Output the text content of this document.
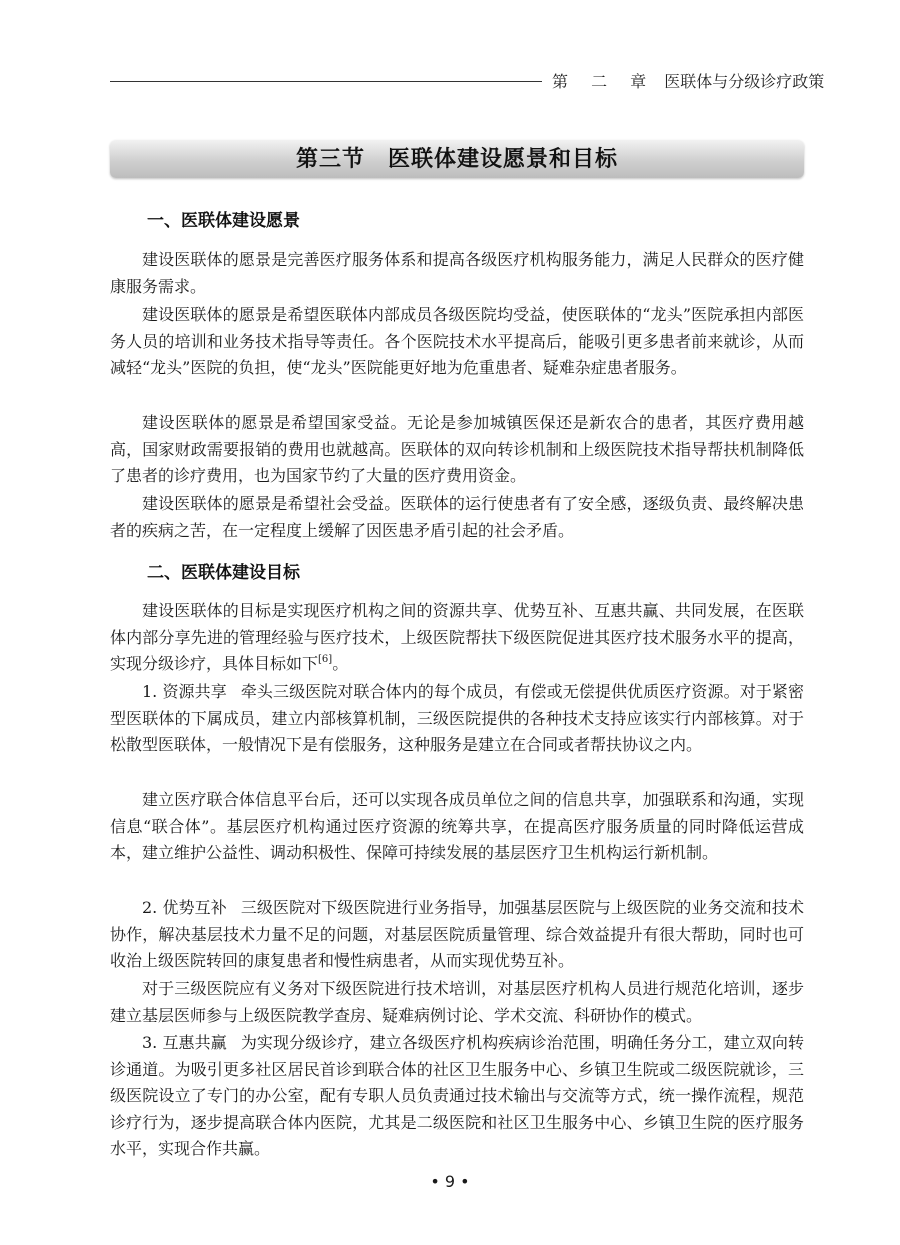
第 二 章 医联体与分级诊疗政策
第三节　医联体建设愿景和目标
一、医联体建设愿景
建设医联体的愿景是完善医疗服务体系和提高各级医疗机构服务能力，满足人民群众的医疗健康服务需求。
建设医联体的愿景是希望医联体内部成员各级医院均受益，使医联体的“龙头”医院承担内部医务人员的培训和业务技术指导等责任。各个医院技术水平提高后，能吸引更多患者前来就诊，从而减轻“龙头”医院的负担，使“龙头”医院能更好地为危重患者、疑难杂症患者服务。
建设医联体的愿景是希望国家受益。无论是参加城镇医保还是新农合的患者，其医疗费用越高，国家财政需要报销的费用也就越高。医联体的双向转诊机制和上级医院技术指导帮扶机制降低了患者的诊疗费用，也为国家节约了大量的医疗费用资金。
建设医联体的愿景是希望社会受益。医联体的运行使患者有了安全感，逐级负责、最终解决患者的疾病之苦，在一定程度上缓解了因医患矛盾引起的社会矛盾。
二、医联体建设目标
建设医联体的目标是实现医疗机构之间的资源共享、优势互补、互惠共赢、共同发展，在医联体内部分享先进的管理经验与医疗技术，上级医院帮扶下级医院促进其医疗技术服务水平的提高，实现分级诊疗，具体目标如下[6]。
1. 资源共享 牵头三级医院对联合体内的每个成员，有偿或无偿提供优质医疗资源。对于紧密型医联体的下属成员，建立内部核算机制，三级医院提供的各种技术支持应该实行内部核算。对于松散型医联体，一般情况下是有偿服务，这种服务是建立在合同或者帮扶协议之内。
建立医疗联合体信息平台后，还可以实现各成员单位之间的信息共享，加强联系和沟通，实现信息“联合体”。基层医疗机构通过医疗资源的统筹共享，在提高医疗服务质量的同时降低运营成本，建立维护公益性、调动积极性、保障可持续发展的基层医疗卫生机构运行新机制。
2. 优势互补 三级医院对下级医院进行业务指导，加强基层医院与上级医院的业务交流和技术协作，解决基层技术力量不足的问题，对基层医院质量管理、综合效益提升有很大帮助，同时也可收治上级医院转回的康复患者和慢性病患者，从而实现优势互补。
对于三级医院应有义务对下级医院进行技术培训，对基层医疗机构人员进行规范化培训，逐步建立基层医师参与上级医院教学查房、疑难病例讨论、学术交流、科研协作的模式。
3. 互惠共赢 为实现分级诊疗，建立各级医疗机构疾病诊治范围，明确任务分工，建立双向转诊通道。为吸引更多社区居民首诊到联合体的社区卫生服务中心、乡镇卫生院或二级医院就诊，三级医院设立了专门的办公室，配有专职人员负责通过技术输出与交流等方式，统一操作流程，规范诊疗行为，逐步提高联合体内医院，尤其是二级医院和社区卫生服务中心、乡镇卫生院的医疗服务水平，实现合作共赢。
• 9 •
